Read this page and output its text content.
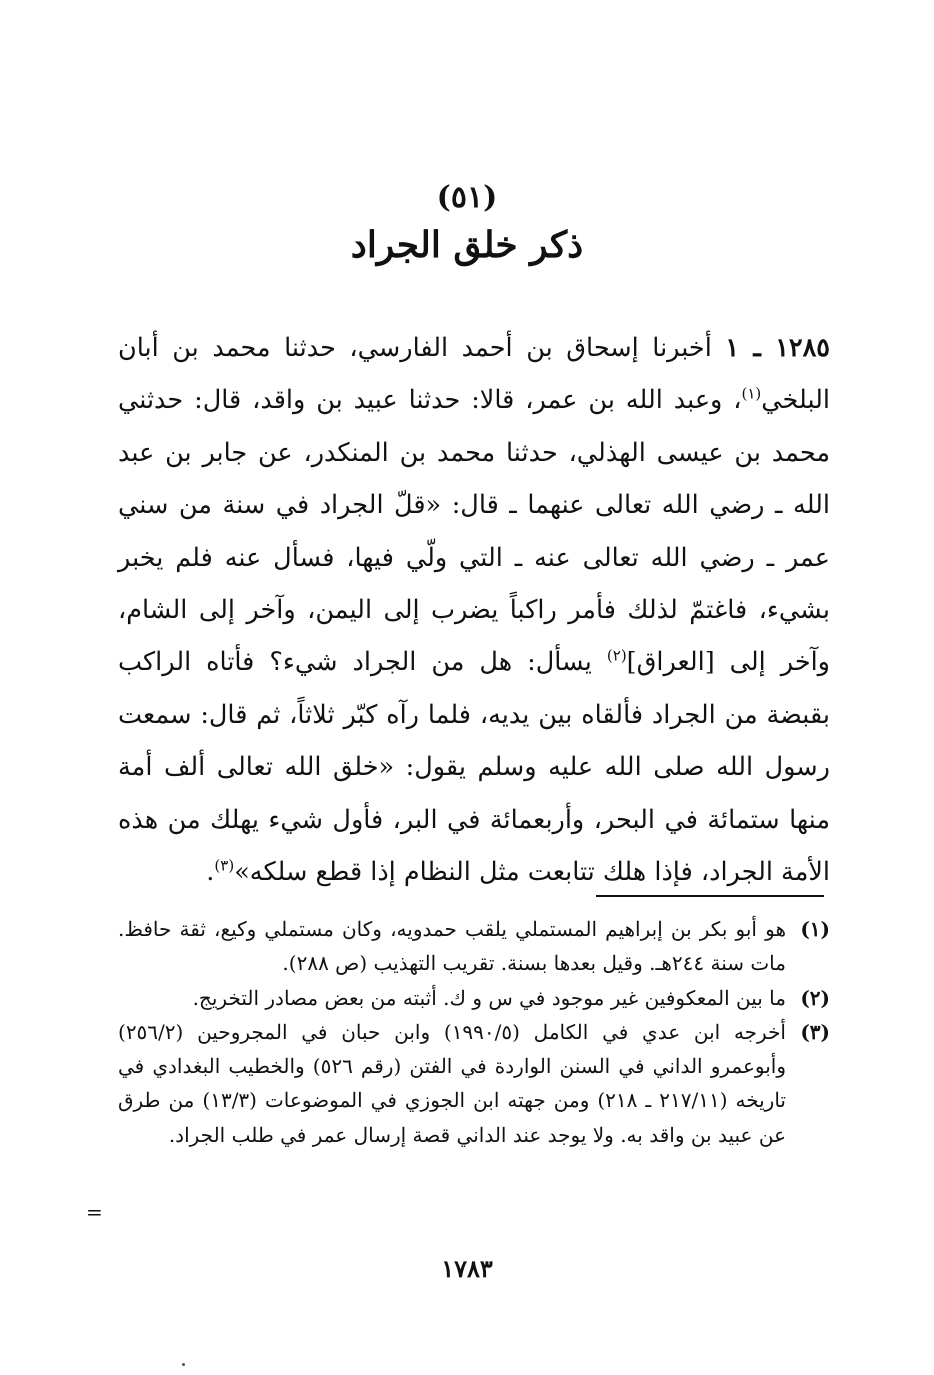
(٥١)
ذكر خلق الجراد

١٢٨٥ ـ ١ أخبرنا إسحاق بن أحمد الفارسي، حدثنا محمد بن أبان البلخي$^{(١)}$، وعبد الله بن عمر، قالا: حدثنا عبيد بن واقد، قال: حدثني محمد بن عيسى الهذلي، حدثنا محمد بن المنكدر، عن جابر بن عبد الله ـ رضي الله تعالى عنهما ـ قال: «قلّ الجراد في سنة من سني عمر ـ رضي الله تعالى عنه ـ التي ولّي فيها، فسأل عنه فلم يخبر بشيء، فاغتمّ لذلك فأمر راكباً يضرب إلى اليمن، وآخر إلى الشام، وآخر إلى [العراق]$^{(٢)}$ يسأل: هل من الجراد شيء؟ فأتاه الراكب بقبضة من الجراد فألقاه بين يديه، فلما رآه كبّر ثلاثاً، ثم قال: سمعت رسول الله صلى الله عليه وسلم يقول: «خلق الله تعالى ألف أمة منها ستمائة في البحر، وأربعمائة في البر، فأول شيء يهلك من هذه الأمة الجراد، فإذا هلك تتابعت مثل النظام إذا قطع سلكه»$^{(٣)}$.

(١)
هو أبو بكر بن إبراهيم المستملي يلقب حمدويه، وكان مستملي وكيع، ثقة حافظ. مات سنة ٢٤٤هـ. وقيل بعدها بسنة. تقريب التهذيب (ص ٢٨٨).
(٢)
ما بين المعكوفين غير موجود في س و ك. أثبته من بعض مصادر التخريج.
(٣)
أخرجه ابن عدي في الكامل (١٩٩٠/٥) وابن حبان في المجروحين (٢٥٦/٢) وأبوعمرو الداني في السنن الواردة في الفتن (رقم ٥٢٦) والخطيب البغدادي في تاريخه (٢١٧/١١ ـ ٢١٨) ومن جهته ابن الجوزي في الموضوعات (١٣/٣) من طرق عن عبيد بن واقد به. ولا يوجد عند الداني قصة إرسال عمر في طلب الجراد.
=
١٧٨٣
